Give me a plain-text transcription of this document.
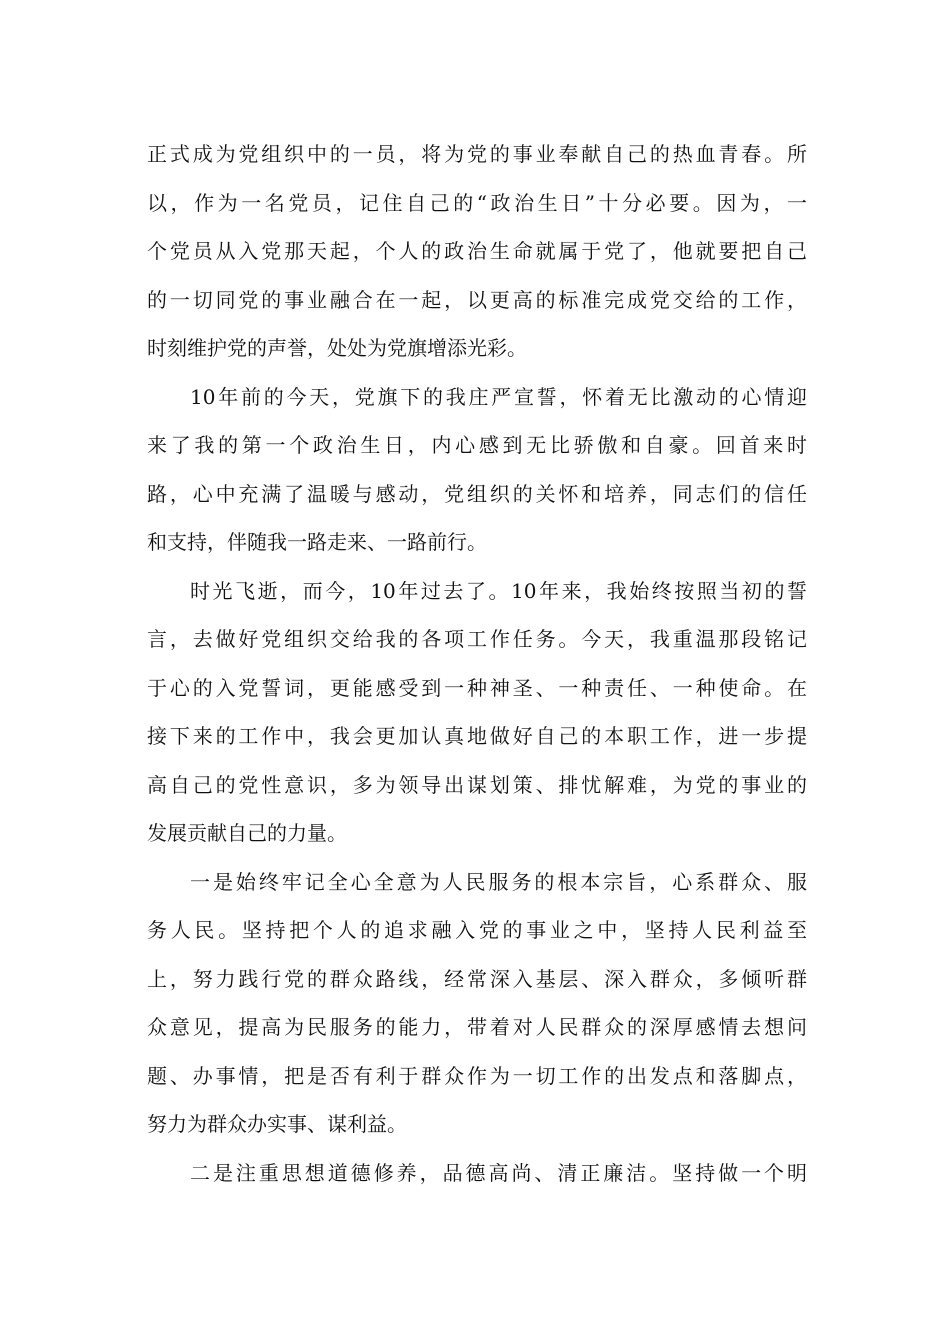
正式成为党组织中的一员，将为党的事业奉献自己的热血青春。所
以，作为一名党员，记住自己的“政治生日”十分必要。因为，一
个党员从入党那天起，个人的政治生命就属于党了，他就要把自己
的一切同党的事业融合在一起，以更高的标准完成党交给的工作，
时刻维护党的声誉，处处为党旗增添光彩。
10年前的今天，党旗下的我庄严宣誓，怀着无比激动的心情迎
来了我的第一个政治生日，内心感到无比骄傲和自豪。回首来时
路，心中充满了温暖与感动，党组织的关怀和培养，同志们的信任
和支持，伴随我一路走来、一路前行。
时光飞逝，而今，10年过去了。10年来，我始终按照当初的誓
言，去做好党组织交给我的各项工作任务。今天，我重温那段铭记
于心的入党誓词，更能感受到一种神圣、一种责任、一种使命。在
接下来的工作中，我会更加认真地做好自己的本职工作，进一步提
高自己的党性意识，多为领导出谋划策、排忧解难，为党的事业的
发展贡献自己的力量。
一是始终牢记全心全意为人民服务的根本宗旨，心系群众、服
务人民。坚持把个人的追求融入党的事业之中，坚持人民利益至
上，努力践行党的群众路线，经常深入基层、深入群众，多倾听群
众意见，提高为民服务的能力，带着对人民群众的深厚感情去想问
题、办事情，把是否有利于群众作为一切工作的出发点和落脚点，
努力为群众办实事、谋利益。
二是注重思想道德修养，品德高尚、清正廉洁。坚持做一个明
